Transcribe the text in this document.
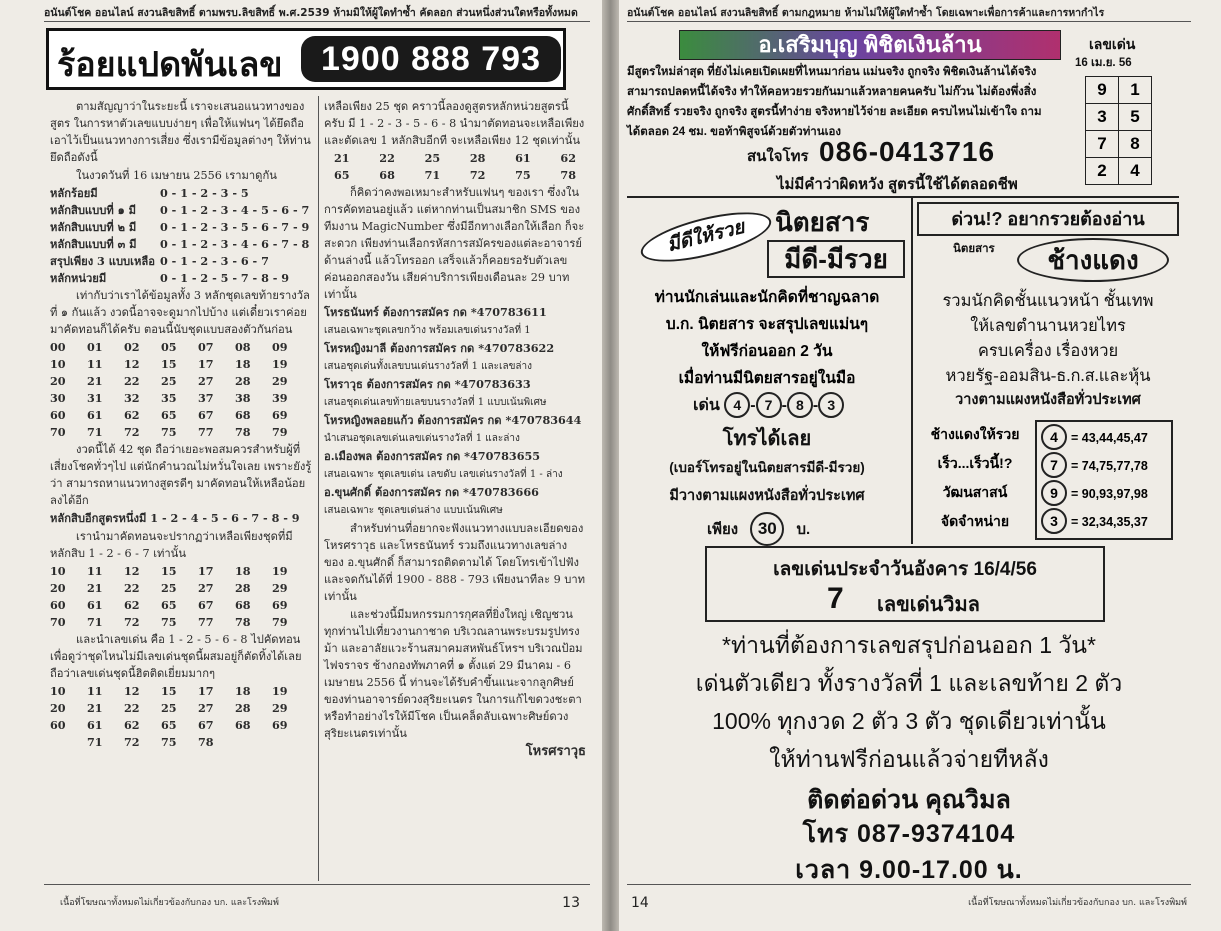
อนันต์โชค ออนไลน์ สงวนลิขสิทธิ์ ตามพรบ.ลิขสิทธิ์ พ.ศ.2539 ห้ามมิให้ผู้ใดทำซ้ำ คัดลอก ส่วนหนึ่งส่วนใดหรือทั้งหมด
ร้อยแปดพันเลข	1900 888 793

ตามสัญญาว่าในระยะนี้ เราจะเสนอแนวทางของสูตร ในการหาตัวเลขแบบง่ายๆ เพื่อให้แฟนๆ ได้ยึดถือเอาไว้เป็นแนวทางการเสี่ยง ซึ่งเรามีข้อมูลต่างๆ ให้ท่านยึดถือดังนี้

ในงวดวันที่ 16 เมษายน 2556 เรามาดูกัน

หลักร้อยมี	0 - 1 - 2 - 3 - 5
หลักสิบแบบที่ ๑ มี	0 - 1 - 2 - 3 - 4 - 5 - 6 - 7
หลักสิบแบบที่ ๒ มี	0 - 1 - 2 - 3 - 5 - 6 - 7 - 9
หลักสิบแบบที่ ๓ มี	0 - 1 - 2 - 3 - 4 - 6 - 7 - 8
สรุปเพียง 3 แบบเหลือ 0 - 1 - 2 - 3 - 6 - 7
หลักหน่วยมี	0 - 1 - 2 - 5 - 7 - 8 - 9

เท่ากับว่าเราได้ข้อมูลทั้ง 3 หลักชุดเลขท้ายรางวัลที่ ๑ กันแล้ว งวดนี้อาจจะดูมากไปบ้าง แต่เดี๋ยวเราค่อยมาคัดทอนก็ได้ครับ ตอนนี้นับชุดแบบสองตัวกันก่อน

00	01	02	05	07	08	09
10	11	12	15	17	18	19
20	21	22	25	27	28	29
30	31	32	35	37	38	39
60	61	62	65	67	68	69
70	71	72	75	77	78	79

งวดนี้ได้ 42 ชุด ถือว่าเยอะพอสมควรสำหรับผู้ที่เสี่ยงโชคทั่วๆไป แต่นักคำนวณไม่หวั่นใจเลย เพราะยังรู้ว่า สามารถหาแนวทางสูตรดีๆ มาคัดทอนให้เหลือน้อยลงได้อีก

หลักสิบอีกสูตรหนึ่งมี 1 - 2 - 4 - 5 - 6 - 7 - 8 - 9

เรานำมาคัดทอนจะปรากฏว่าเหลือเพียงชุดที่มีหลักสิบ 1 - 2 - 6 - 7 เท่านั้น

10	11	12	15	17	18	19
20	21	22	25	27	28	29
60	61	62	65	67	68	69
70	71	72	75	77	78	79

และนำเลขเด่น คือ 1 - 2 - 5 - 6 - 8 ไปคัดทอนเพื่อดูว่าชุดไหนไม่มีเลขเด่นชุดนี้ผสมอยู่ก็ตัดทิ้งได้เลย ถือว่าเลขเด่นชุดนี้ฮิตติดเยี่ยมมากๆ

10	11	12	15	17	18	19
20	21	22	25	27	28	29
60	61	62	65	67	68	69
71	72	75	78

เหลือเพียง 25 ชุด คราวนี้ลองดูสูตรหลักหน่วยสูตรนี้ครับ มี 1 - 2 - 3 - 5 - 6 - 8 นำมาตัดทอนจะเหลือเพียง และตัดเลข 1 หลักสิบอีกที จะเหลือเพียง 12 ชุดเท่านั้น

21	22	25	28	61	62
65	68	71	72	75	78

ก็คิดว่าคงพอเหมาะสำหรับแฟนๆ ของเรา ซึ่งงในการคัดทอนอยู่แล้ว แต่หากท่านเป็นสมาชิก SMS ของทีมงาน MagicNumber ซึ่งมีอีกทางเลือกให้เลือก ก็จะสะดวก เพียงท่านเลือกรหัสการสมัครของแต่ละอาจารย์ด้านล่างนี้ แล้วโทรออก เสร็จแล้วก็คอยรอรับตัวเลข ค่อนออกสองวัน เสียค่าบริการเพียงเดือนละ 29 บาทเท่านั้น

โหรธนันทร์ ต้องการสมัคร กด *470783611

เสนอเฉพาะชุดเลขกว้าง พร้อมเลขเด่นรางวัลที่ 1

โหรหญิงมาลี ต้องการสมัคร กด *470783622

เสนอชุดเด่นทั้งเลขบนเด่นรางวัลที่ 1 และเลขล่าง

โหราวุธ ต้องการสมัคร กด *470783633

เสนอชุดเด่นเลขท้ายเลขบนรางวัลที่ 1 แบบเน้นพิเศษ

โหรหญิงพลอยแก้ว ต้องการสมัคร กด *470783644

นำเสนอชุดเลขเด่นเลขเด่นรางวัลที่ 1 และล่าง

อ.เมืองพล ต้องการสมัคร กด *470783655

เสนอเฉพาะ ชุดเลขเด่น เลขดับ เลขเด่นรางวัลที่ 1 - ล่าง

อ.ขุนศักดิ์ ต้องการสมัคร กด *470783666

เสนอเฉพาะ ชุดเลขเด่นล่าง แบบเน้นพิเศษ

สำหรับท่านที่อยากจะฟังแนวทางแบบละเอียดของโหรศราวุธ และโหรธนันทร์ รวมถึงแนวทางเลขล่างของ อ.ขุนศักดิ์ ก็สามารถติดตามได้ โดยโทรเข้าไปฟังและจดกันได้ที่ 1900 - 888 - 793 เพียงนาทีละ 9 บาทเท่านั้น

และช่วงนี้มีมหกรรมการกุศลที่ยิ่งใหญ่ เชิญชวนทุกท่านไปเที่ยวงานกาชาด บริเวณลานพระบรมรูปทรงม้า และอาลัยแวะร้านสมาคมสหพันธ์โหรฯ บริเวณป้อมไฟจราจร ช้างกองทัพภาคที่ ๑ ตั้งแต่ 29 มีนาคม - 6 เมษายน 2556 นี้ ท่านจะได้รับคำขึ้นแนะจากลูกศิษย์ของท่านอาจารย์ดวงสุริยะเนตร ในการแก้ไขดวงชะตา หรือทำอย่างไรให้มีโชค เป็นเคล็ดลับเฉพาะศิษย์ดวงสุริยะเนตรเท่านั้น

โหรศราวุธ

เนื้อที่โฆษณาทั้งหมดไม่เกี่ยวข้องกับกอง บก. และโรงพิมพ์	13
อนันต์โชค ออนไลน์ สงวนลิขสิทธิ์ ตามกฎหมาย ห้ามไม่ให้ผู้ใดทำซ้ำ โดยเฉพาะเพื่อการค้าและการหากำไร
อ.เสริมบุญ พิชิตเงินล้าน
มีสูตรใหม่ล่าสุด ที่ยังไม่เคยเปิดเผยที่ไหนมาก่อน แม่นจริง ถูกจริง พิชิตเงินล้านได้จริง สามารถปลดหนี้ได้จริง ทำให้คอหวยรวยกันมาแล้วหลายคนครับ ไม่ก๊วน ไม่ต้องพึ่งสิ่งศักดิ์สิทธิ์ รวยจริง ถูกจริง สูตรนี้ทำง่าย จริงหายไว้จ่าย ละเอียด ครบไหนไม่เข้าใจ ถามได้ตลอด 24 ชม. ขอท้าพิสูจน์ด้วยตัวท่านเอง
สนใจโทร 086-0413716
ไม่มีคำว่าผิดหวัง สูตรนี้ใช้ได้ตลอดชีพ
เลขเด่น
16 เม.ย. 56
9	1
3	5
7	8
2	4
มีดีให้รวย	นิตยสาร
มีดี-มีรวย
ท่านนักเล่นและนักคิดที่ชาญฉลาด
บ.ก. นิตยสาร จะสรุปเลขแม่นๆ
ให้ฟรีก่อนออก 2 วัน
เมื่อท่านมีนิตยสารอยู่ในมือ
เด่น 4 - 7 - 8 - 3
โทรได้เลย
(เบอร์โทรอยู่ในนิตยสารมีดี-มีรวย)
มีวางตามแผงหนังสือทั่วประเทศ
เพียง 30 บ.
ด่วน!? อยากรวยต้องอ่าน
นิตยสาร	ช้างแดง
รวมนักคิดชั้นแนวหน้า ชั้นเทพ
ให้เลขตำนานหวยไทร
ครบเครื่อง เรื่องหวย
หวยรัฐ-ออมสิน-ธ.ก.ส.และหุ้น
วางตามแผงหนังสือทั่วประเทศ
ช้างแดงให้รวย
เร็ว...เร็วนี้!?
วัฒนสาสน์
จัดจำหน่าย
4 = 43,44,45,47
7 = 74,75,77,78
9 = 90,93,97,98
3 = 32,34,35,37
เลขเด่นประจำวันอังคาร 16/4/56
7 เลขเด่นวิมล
*ท่านที่ต้องการเลขสรุปก่อนออก 1 วัน*
เด่นตัวเดียว ทั้งรางวัลที่ 1 และเลขท้าย 2 ตัว
100% ทุกงวด 2 ตัว 3 ตัว ชุดเดียวเท่านั้น
ให้ท่านฟรีก่อนแล้วจ่ายทีหลัง
ติดต่อด่วน คุณวิมล
โทร 087-9374104
เวลา 9.00-17.00 น.
14	เนื้อที่โฆษณาทั้งหมดไม่เกี่ยวข้องกับกอง บก. และโรงพิมพ์
